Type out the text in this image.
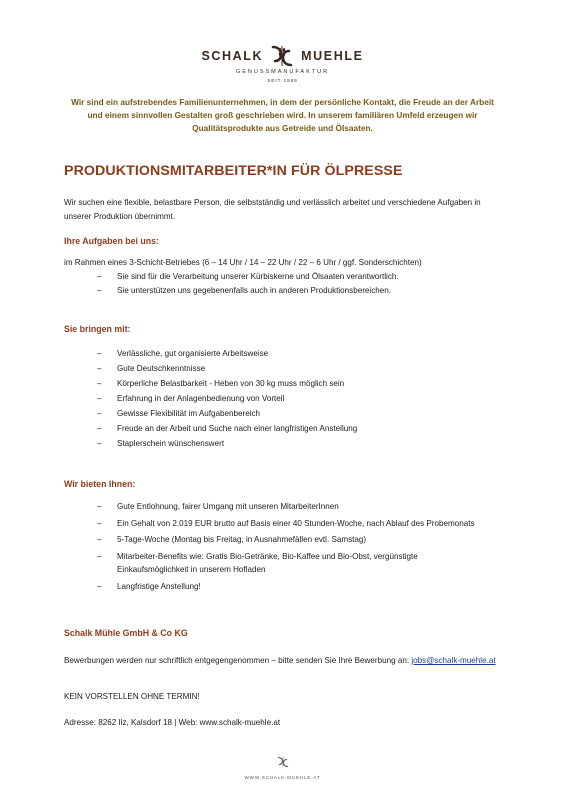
SCHALK	MUEHLE
GENUSSMANUFAKTUR
SEIT 1889
Wir sind ein aufstrebendes Familienunternehmen, in dem der persönliche Kontakt, die Freude an der Arbeit und einem sinnvollen Gestalten groß geschrieben wird. In unserem familiären Umfeld erzeugen wir Qualitätsprodukte aus Getreide und Ölsaaten.
PRODUKTIONSMITARBEITER*IN FÜR ÖLPRESSE
Wir suchen eine flexible, belastbare Person, die selbstständig und verlässlich arbeitet und verschiedene Aufgaben in unserer Produktion übernimmt.
Ihre Aufgaben bei uns:
im Rahmen eines 3-Schicht-Betriebes (6 – 14 Uhr / 14 – 22 Uhr / 22 – 6 Uhr / ggf. Sonderschichten)
– Sie sind für die Verarbeitung unserer Kürbiskerne und Ölsaaten verantwortlich.
– Sie unterstützen uns gegebenenfalls auch in anderen Produktionsbereichen.
Sie bringen mit:
– Verlässliche, gut organisierte Arbeitsweise
– Gute Deutschkenntnisse
– Körperliche Belastbarkeit - Heben von 30 kg muss möglich sein
– Erfahrung in der Anlagenbedienung von Vorteil
– Gewisse Flexibilität im Aufgabenbereich
– Freude an der Arbeit und Suche nach einer langfristigen Anstellung
– Staplerschein wünschenswert
Wir bieten Ihnen:
– Gute Entlohnung, fairer Umgang mit unseren MitarbeiterInnen
– Ein Gehalt von 2.019 EUR brutto auf Basis einer 40 Stunden-Woche, nach Ablauf des Probemonats
– 5-Tage-Woche (Montag bis Freitag, in Ausnahmefällen evtl. Samstag)
– Mitarbeiter-Benefits wie: Gratis Bio-Getränke, Bio-Kaffee und Bio-Obst, vergünstigte Einkaufsmöglichkeit in unserem Hofladen
– Langfristige Anstellung!
Schalk Mühle GmbH & Co KG
Bewerbungen werden nur schriftlich entgegengenommen – bitte senden Sie Ihre Bewerbung an: jobs@schalk-muehle.at
KEIN VORSTELLEN OHNE TERMIN!
Adresse: 8262 Ilz, Kalsdorf 18 | Web: www.schalk-muehle.at
WWW.SCHALK-MUEHLE.AT
